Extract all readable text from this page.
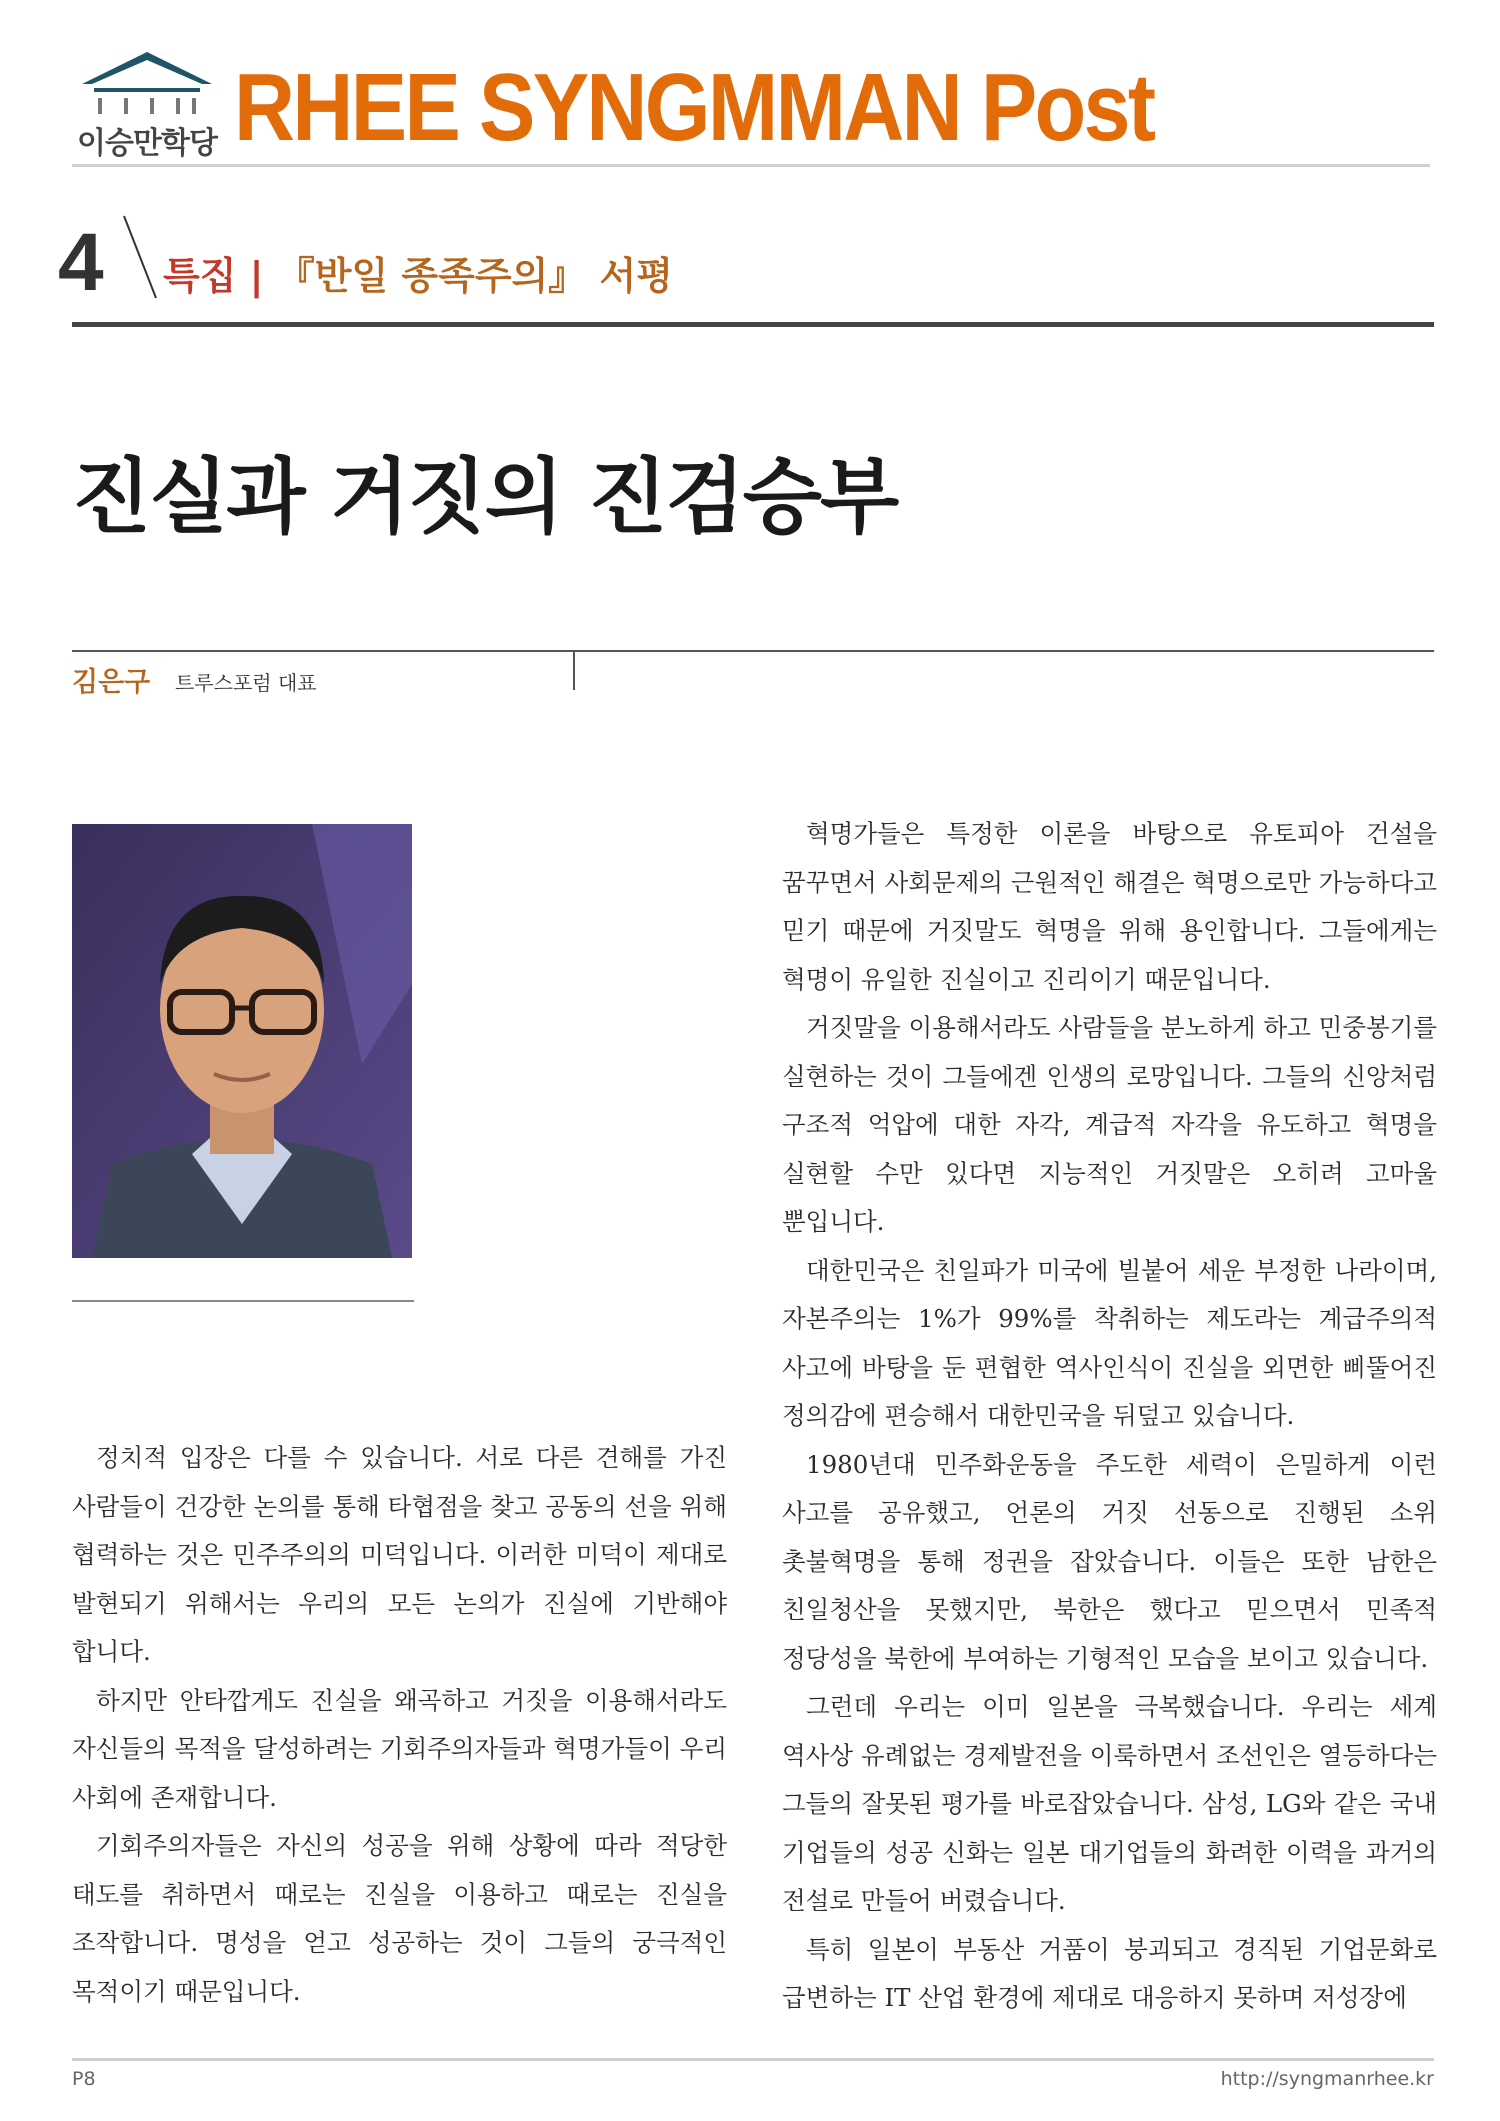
이승만학당 RHEE SYNGMMAN Post
4 특집 | 『반일 종족주의』 서평
진실과 거짓의 진검승부
김은구 트루스포럼 대표

정치적 입장은 다를 수 있습니다. 서로 다른 견해를 가진 사람들이 건강한 논의를 통해 타협점을 찾고 공동의 선을 위해 협력하는 것은 민주주의의 미덕입니다. 이러한 미덕이 제대로 발현되기 위해서는 우리의 모든 논의가 진실에 기반해야 합니다.

하지만 안타깝게도 진실을 왜곡하고 거짓을 이용해서라도 자신들의 목적을 달성하려는 기회주의자들과 혁명가들이 우리 사회에 존재합니다.

기회주의자들은 자신의 성공을 위해 상황에 따라 적당한 태도를 취하면서 때로는 진실을 이용하고 때로는 진실을 조작합니다. 명성을 얻고 성공하는 것이 그들의 궁극적인 목적이기 때문입니다.

혁명가들은 특정한 이론을 바탕으로 유토피아 건설을 꿈꾸면서 사회문제의 근원적인 해결은 혁명으로만 가능하다고 믿기 때문에 거짓말도 혁명을 위해 용인합니다. 그들에게는 혁명이 유일한 진실이고 진리이기 때문입니다.

거짓말을 이용해서라도 사람들을 분노하게 하고 민중봉기를 실현하는 것이 그들에겐 인생의 로망입니다. 그들의 신앙처럼 구조적 억압에 대한 자각, 계급적 자각을 유도하고 혁명을 실현할 수만 있다면 지능적인 거짓말은 오히려 고마울 뿐입니다.

대한민국은 친일파가 미국에 빌붙어 세운 부정한 나라이며, 자본주의는 1%가 99%를 착취하는 제도라는 계급주의적 사고에 바탕을 둔 편협한 역사인식이 진실을 외면한 삐뚤어진 정의감에 편승해서 대한민국을 뒤덮고 있습니다.

1980년대 민주화운동을 주도한 세력이 은밀하게 이런 사고를 공유했고, 언론의 거짓 선동으로 진행된 소위 촛불혁명을 통해 정권을 잡았습니다. 이들은 또한 남한은 친일청산을 못했지만, 북한은 했다고 믿으면서 민족적 정당성을 북한에 부여하는 기형적인 모습을 보이고 있습니다.

그런데 우리는 이미 일본을 극복했습니다. 우리는 세계 역사상 유례없는 경제발전을 이룩하면서 조선인은 열등하다는 그들의 잘못된 평가를 바로잡았습니다. 삼성, LG와 같은 국내 기업들의 성공 신화는 일본 대기업들의 화려한 이력을 과거의 전설로 만들어 버렸습니다.

특히 일본이 부동산 거품이 붕괴되고 경직된 기업문화로 급변하는 IT 산업 환경에 제대로 대응하지 못하며 저성장에

P8	http://syngmanrhee.kr
